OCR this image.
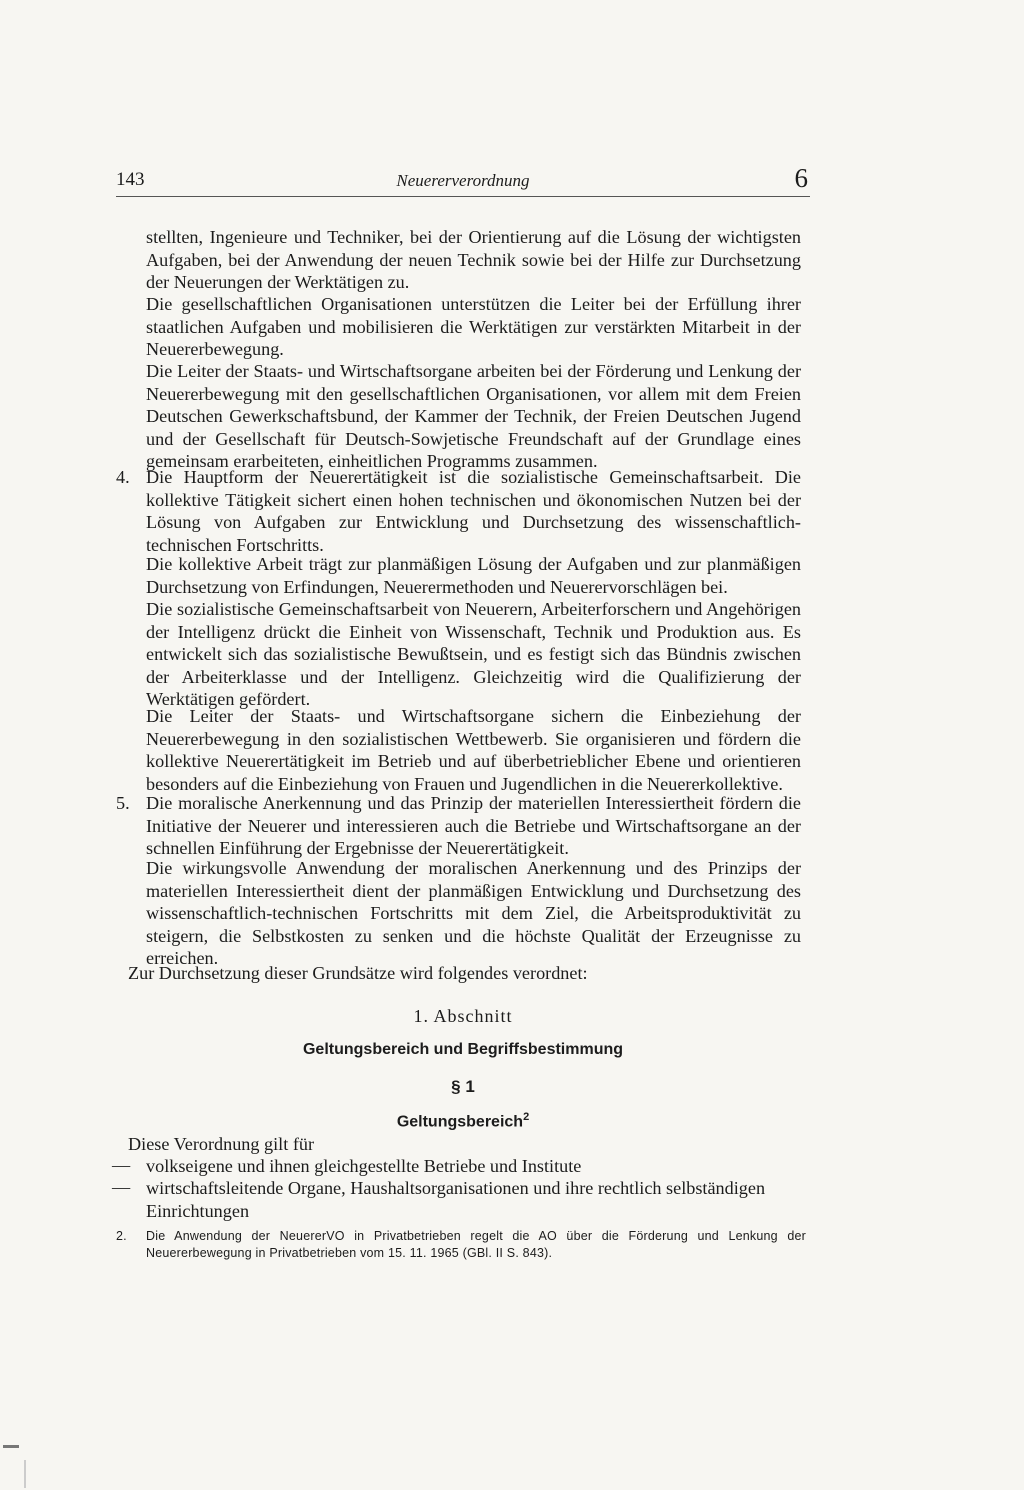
143	Neuererverordnung	6
stellten, Ingenieure und Techniker, bei der Orientierung auf die Lösung der wichtigsten Aufgaben, bei der Anwendung der neuen Technik sowie bei der Hilfe zur Durchsetzung der Neuerungen der Werktätigen zu.
Die gesellschaftlichen Organisationen unterstützen die Leiter bei der Erfüllung ihrer staatlichen Aufgaben und mobilisieren die Werktätigen zur verstärkten Mitarbeit in der Neuererbewegung.
Die Leiter der Staats- und Wirtschaftsorgane arbeiten bei der Förderung und Lenkung der Neuererbewegung mit den gesellschaftlichen Organisationen, vor allem mit dem Freien Deutschen Gewerkschaftsbund, der Kammer der Technik, der Freien Deutschen Jugend und der Gesellschaft für Deutsch-Sowjetische Freundschaft auf der Grundlage eines gemeinsam erarbeiteten, einheitlichen Programms zusammen.
4. Die Hauptform der Neuerertätigkeit ist die sozialistische Gemeinschaftsarbeit. Die kollektive Tätigkeit sichert einen hohen technischen und ökonomischen Nutzen bei der Lösung von Aufgaben zur Entwicklung und Durchsetzung des wissenschaftlich-technischen Fortschritts.
Die kollektive Arbeit trägt zur planmäßigen Lösung der Aufgaben und zur planmäßigen Durchsetzung von Erfindungen, Neuerermethoden und Neuerervorschlägen bei.
Die sozialistische Gemeinschaftsarbeit von Neuerern, Arbeiterforschern und Angehörigen der Intelligenz drückt die Einheit von Wissenschaft, Technik und Produktion aus. Es entwickelt sich das sozialistische Bewußtsein, und es festigt sich das Bündnis zwischen der Arbeiterklasse und der Intelligenz. Gleichzeitig wird die Qualifizierung der Werktätigen gefördert.
Die Leiter der Staats- und Wirtschaftsorgane sichern die Einbeziehung der Neuererbewegung in den sozialistischen Wettbewerb. Sie organisieren und fördern die kollektive Neuerertätigkeit im Betrieb und auf überbetrieblicher Ebene und orientieren besonders auf die Einbeziehung von Frauen und Jugendlichen in die Neuererkollektive.
5. Die moralische Anerkennung und das Prinzip der materiellen Interessiertheit fördern die Initiative der Neuerer und interessieren auch die Betriebe und Wirtschaftsorgane an der schnellen Einführung der Ergebnisse der Neuerertätigkeit.
Die wirkungsvolle Anwendung der moralischen Anerkennung und des Prinzips der materiellen Interessiertheit dient der planmäßigen Entwicklung und Durchsetzung des wissenschaftlich-technischen Fortschritts mit dem Ziel, die Arbeitsproduktivität zu steigern, die Selbstkosten zu senken und die höchste Qualität der Erzeugnisse zu erreichen.
Zur Durchsetzung dieser Grundsätze wird folgendes verordnet:
1. Abschnitt
Geltungsbereich und Begriffsbestimmung
§ 1
Geltungsbereich$^2$
Diese Verordnung gilt für
— volkseigene und ihnen gleichgestellte Betriebe und Institute
— wirtschaftsleitende Organe, Haushaltsorganisationen und ihre rechtlich selbständigen Einrichtungen
2. Die Anwendung der NeuererVO in Privatbetrieben regelt die AO über die Förderung und Lenkung der Neuererbewegung in Privatbetrieben vom 15. 11. 1965 (GBl. II S. 843).
